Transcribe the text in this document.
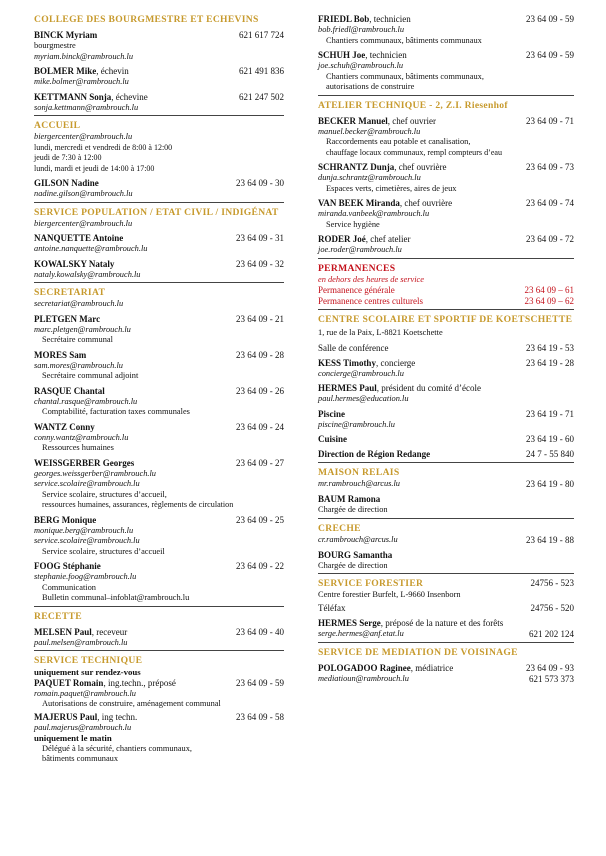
COLLEGE DES BOURGMESTRE ET ECHEVINS
BINCK Myriam	621 617 724
bourgmestre
myriam.binck@rambrouch.lu
BOLMER Mike, échevin	621 491 836
mike.bolmer@rambrouch.lu
KETTMANN Sonja, échevine	621 247 502
sonja.kettmann@rambrouch.lu
ACCUEIL
biergercenter@rambrouch.lu
lundi, mercredi et vendredi de 8:00 à 12:00
jeudi de 7:30 à 12:00
lundi, mardi et jeudi de 14:00 à 17:00
GILSON Nadine	23 64 09 - 30
nadine.gilson@rambrouch.lu
SERVICE POPULATION / ETAT CIVIL / INDIGÉNAT
biergercenter@rambrouch.lu
NANQUETTE Antoine	23 64 09 - 31
antoine.nanquette@rambrouch.lu
KOWALSKY Nataly	23 64 09 - 32
nataly.kowalsky@rambrouch.lu
SECRETARIAT
secretariat@rambrouch.lu
PLETGEN Marc	23 64 09 - 21
marc.pletgen@rambrouch.lu
Secrétaire communal
MORES Sam	23 64 09 - 28
sam.mores@rambrouch.lu
Secrétaire communal adjoint
RASQUE Chantal	23 64 09 - 26
chantal.rasque@rambrouch.lu
Comptabilité, facturation taxes communales
WANTZ Conny	23 64 09 - 24
conny.wantz@rambrouch.lu
Ressources humaines
WEISSGERBER Georges	23 64 09 - 27
georges.weissgerber@rambrouch.lu
service.scolaire@rambrouch.lu
Service scolaire, structures d’accueil,
ressources humaines, assurances, règlements de circulation
BERG Monique	23 64 09 - 25
monique.berg@rambrouch.lu
service.scolaire@rambrouch.lu
Service scolaire, structures d’accueil
FOOG Stéphanie	23 64 09 - 22
stephanie.foog@rambrouch.lu
Communication
Bulletin communal–infoblat@rambrouch.lu
RECETTE
MELSEN Paul, receveur	23 64 09 - 40
paul.melsen@rambrouch.lu
SERVICE TECHNIQUE
uniquement sur rendez-vous
PAQUET Romain, ing.techn., préposé	23 64 09 - 59
romain.paquet@rambrouch.lu
Autorisations de construire, aménagement communal
MAJERUS Paul, ing techn.	23 64 09 - 58
paul.majerus@rambrouch.lu
uniquement le matin
Délégué à la sécurité, chantiers communaux,
bâtiments communaux
FRIEDL Bob, technicien	23 64 09 - 59
bob.friedl@rambrouch.lu
Chantiers communaux, bâtiments communaux
SCHUH Joe, technicien	23 64 09 - 59
joe.schuh@rambrouch.lu
Chantiers communaux, bâtiments communaux,
autorisations de construire
ATELIER TECHNIQUE - 2, Z.I. Riesenhof
BECKER Manuel, chef ouvrier	23 64 09 - 71
manuel.becker@rambrouch.lu
Raccordements eau potable et canalisation,
chauffage locaux communaux, rempl compteurs d’eau
SCHRANTZ Dunja, chef ouvrière	23 64 09 - 73
dunja.schrantz@rambrouch.lu
Espaces verts, cimetières, aires de jeux
VAN BEEK Miranda, chef ouvrière	23 64 09 - 74
miranda.vanbeek@rambrouch.lu
Service hygiène
RODER Joé, chef atelier	23 64 09 - 72
joe.roder@rambrouch.lu
PERMANENCES
en dehors des heures de service
Permanence générale	23 64 09 – 61
Permanence centres culturels	23 64 09 – 62
CENTRE SCOLAIRE ET SPORTIF DE KOETSCHETTE
1, rue de la Paix, L-8821 Koetschette
Salle de conférence	23 64 19 - 53
KESS Timothy, concierge	23 64 19 - 28
concierge@rambrouch.lu
HERMES Paul, président du comité d’école
paul.hermes@education.lu
Piscine	23 64 19 - 71
piscine@rambrouch.lu
Cuisine	23 64 19 - 60
Direction de Région Redange	24 7 - 55 840
MAISON RELAIS
mr.rambrouch@arcus.lu	23 64 19 - 80
BAUM Ramona
Chargée de direction
CRECHE
cr.rambrouch@arcus.lu	23 64 19 - 88
BOURG Samantha
Chargée de direction
SERVICE FORESTIER	24756 - 523
Centre forestier Burfelt, L-9660 Insenborn
Téléfax	24756 - 520
HERMES Serge, préposé de la nature et des forêts
serge.hermes@anf.etat.lu	621 202 124
SERVICE DE MEDIATION DE VOISINAGE
POLOGADOO Raginee, médiatrice	23 64 09 - 93
mediatioun@rambrouch.lu	621 573 373
